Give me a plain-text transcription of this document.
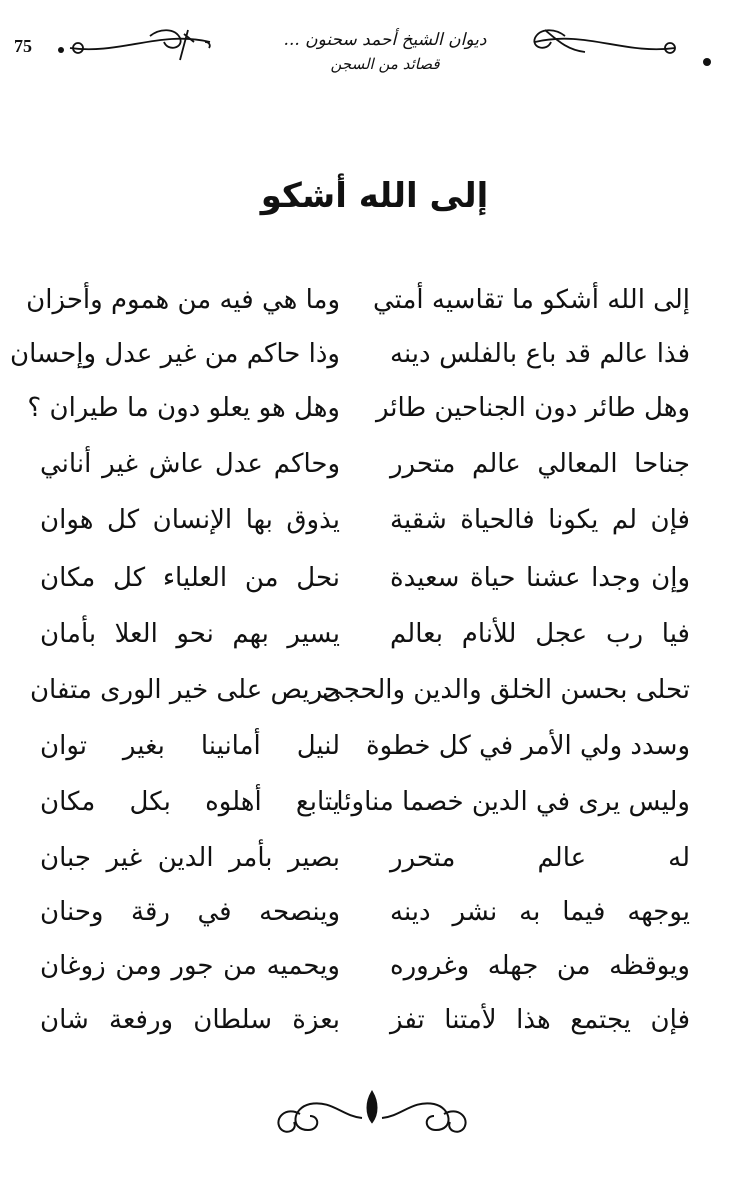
75	ديوان الشيخ أحمد سحنون ...
قصائد من السجن
إلى الله أشكو
إلى الله أشكو ما تقاسيه أمتي
وما هي فيه من هموم وأحزان
فذا عالم قد باع بالفلس دينه
وذا حاكم من غير عدل وإحسان
وهل طائر دون الجناحين طائر
وهل هو يعلو دون ما طيران ؟
جناحا المعالي عالم متحرر
وحاكم عدل عاش غير أناني
فإن لم يكونا فالحياة شقية
يذوق بها الإنسان كل هوان
وإن وجدا عشنا حياة سعيدة
نحل من العلياء كل مكان
فيا رب عجل للأنام بعالم
يسير بهم نحو العلا بأمان
تحلى بحسن الخلق والدين والحجى
حريص على خير الورى متفان
وسدد ولي الأمر في كل خطوة
لنيل أمانينا بغير توان
وليس يرى في الدين خصما مناوئا
يتابع أهلوه بكل مكان
له عالم متحرر
بصير بأمر الدين غير جبان
يوجهه فيما به نشر دينه
وينصحه في رقة وحنان
ويوقظه من جهله وغروره
ويحميه من جور ومن زوغان
فإن يجتمع هذا لأمتنا تفز
بعزة سلطان ورفعة شان
